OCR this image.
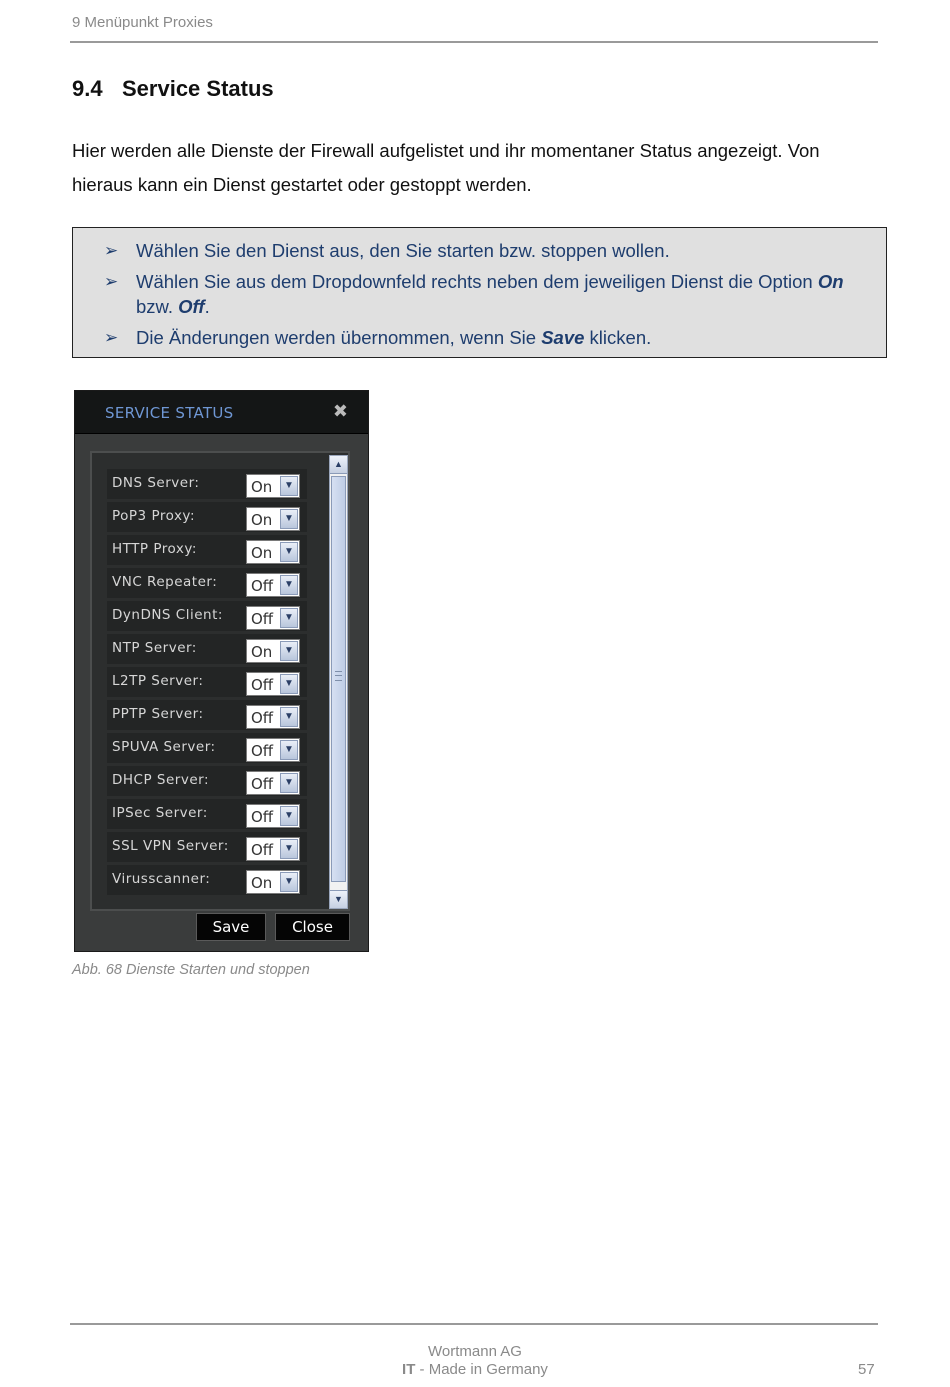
9 Menüpunkt Proxies
9.4 Service Status

Hier werden alle Dienste der Firewall aufgelistet und ihr momentaner Status angezeigt. Von hieraus kann ein Dienst gestartet oder gestoppt werden.

➢ Wählen Sie den Dienst aus, den Sie starten bzw. stoppen wollen.
➢ Wählen Sie aus dem Dropdownfeld rechts neben dem jeweiligen Dienst die Option On bzw. Off.
➢ Die Änderungen werden übernommen, wenn Sie Save klicken.
SERVICE STATUS	✖
DNS Server:	On	▼
PoP3 Proxy:	On	▼
HTTP Proxy:	On	▼
VNC Repeater: Off	▼
DynDNS Client: Off	▼
NTP Server:	On	▼
L2TP Server:	Off	▼
PPTP Server:	Off	▼
SPUVA Server: Off	▼
DHCP Server:	Off	▼
IPSec Server:	Off	▼
SSL VPN Server: Off	▼
Virusscanner:	On	▼
▲
▼
Save	Close
Abb. 68 Dienste Starten und stoppen
Wortmann AG
IT - Made in Germany	57
